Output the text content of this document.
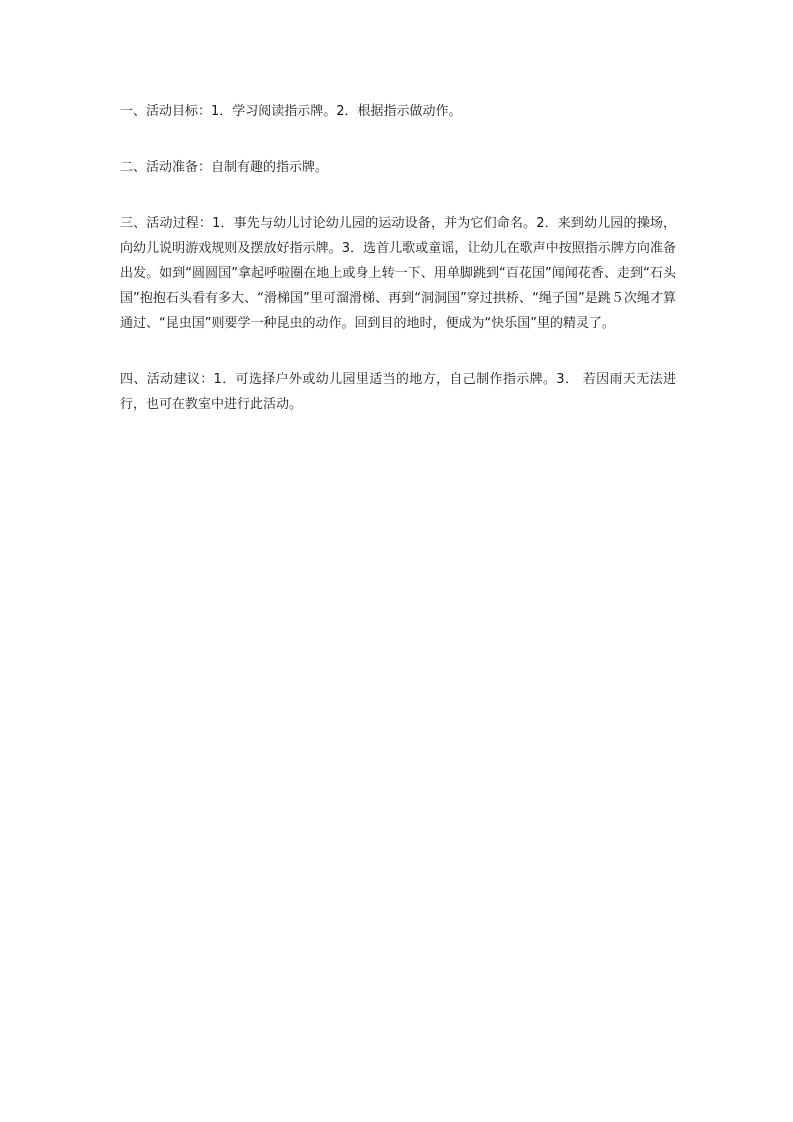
一、活动目标：1．学习阅读指示牌。2．根据指示做动作。

二、活动准备：自制有趣的指示牌。

三、活动过程：1．事先与幼儿讨论幼儿园的运动设备，并为它们命名。2．来到幼儿园的操场，向幼儿说明游戏规则及摆放好指示牌。3．选首儿歌或童谣，让幼儿在歌声中按照指示牌方向准备出发。如到“圆圆国”拿起呼啦圈在地上或身上转一下、用单脚跳到“百花国”闻闻花香、走到“石头国”抱抱石头看有多大、“滑梯国”里可溜滑梯、再到“洞洞国”穿过拱桥、“绳子国”是跳５次绳才算通过、“昆虫国”则要学一种昆虫的动作。回到目的地时，便成为“快乐国”里的精灵了。

四、活动建议：1．可选择户外或幼儿园里适当的地方，自己制作指示牌。3． 若因雨天无法进行，也可在教室中进行此活动。
